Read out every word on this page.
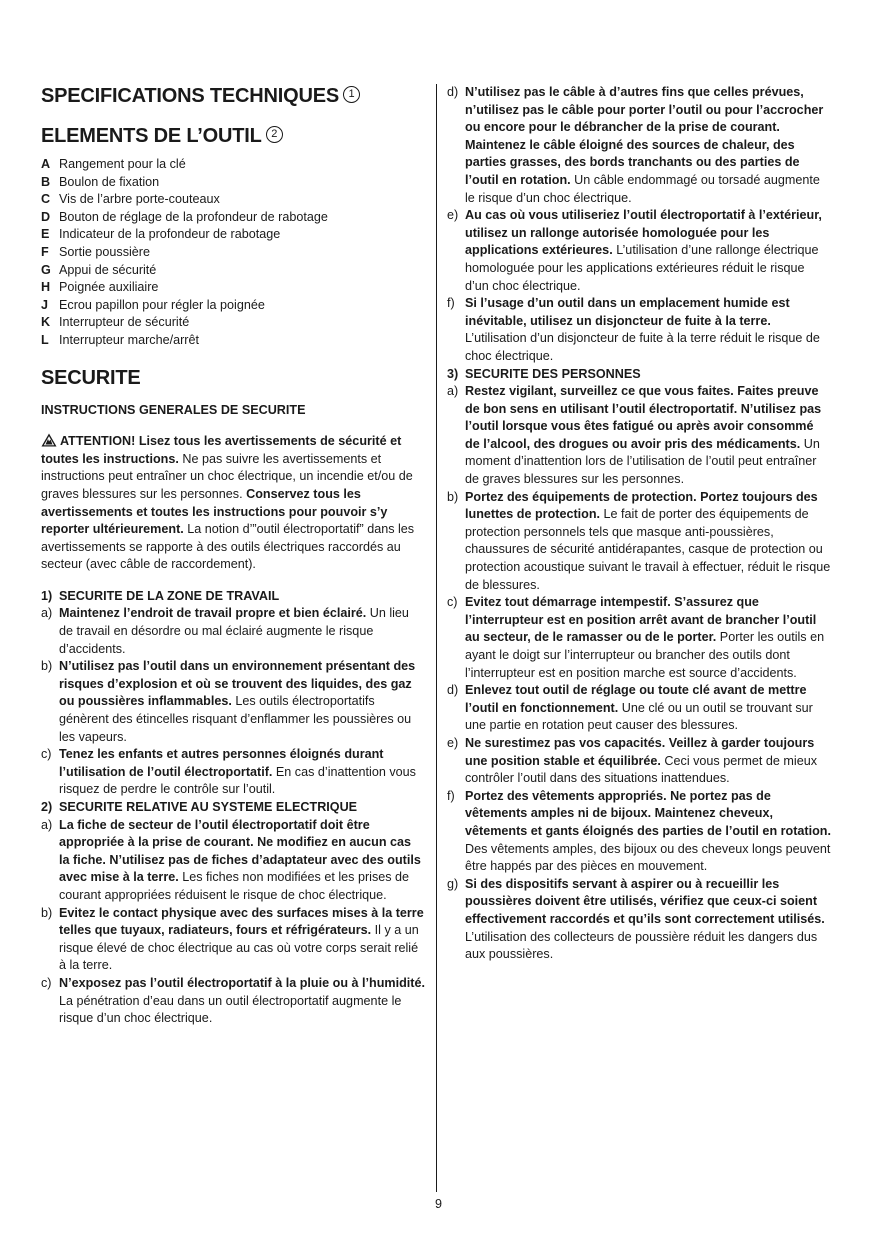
SPECIFICATIONS TECHNIQUES 1
ELEMENTS DE L’OUTIL 2
A Rangement pour la clé
B Boulon de fixation
C Vis de l’arbre porte-couteaux
D Bouton de réglage de la profondeur de rabotage
E Indicateur de la profondeur de rabotage
F Sortie poussière
G Appui de sécurité
H Poignée auxiliaire
J Ecrou papillon pour régler la poignée
K Interrupteur de sécurité
L Interrupteur marche/arrêt
SECURITE

INSTRUCTIONS GENERALES DE SECURITE

ATTENTION! Lisez tous les avertissements de sécurité et toutes les instructions. Ne pas suivre les avertissements et instructions peut entraîner un choc électrique, un incendie et/ou de graves blessures sur les personnes. Conservez tous les avertissements et toutes les instructions pour pouvoir s’y reporter ultérieurement. La notion d’”outil électroportatif” dans les avertissements se rapporte à des outils électriques raccordés au secteur (avec câble de raccordement).

1) SECURITE DE LA ZONE DE TRAVAIL
a) Maintenez l’endroit de travail propre et bien éclairé. Un lieu de travail en désordre ou mal éclairé augmente le risque d’accidents.
b) N’utilisez pas l’outil dans un environnement présentant des risques d’explosion et où se trouvent des liquides, des gaz ou poussières inflammables. Les outils électroportatifs génèrent des étincelles risquant d’enflammer les poussières ou les vapeurs.
c) Tenez les enfants et autres personnes éloignés durant l’utilisation de l’outil électroportatif. En cas d’inattention vous risquez de perdre le contrôle sur l’outil.
2) SECURITE RELATIVE AU SYSTEME ELECTRIQUE
a) La fiche de secteur de l’outil électroportatif doit être appropriée à la prise de courant. Ne modifiez en aucun cas la fiche. N’utilisez pas de fiches d’adaptateur avec des outils avec mise à la terre. Les fiches non modifiées et les prises de courant appropriées réduisent le risque de choc électrique.
b) Evitez le contact physique avec des surfaces mises à la terre telles que tuyaux, radiateurs, fours et réfrigérateurs. Il y a un risque élevé de choc électrique au cas où votre corps serait relié à la terre.
c) N’exposez pas l’outil électroportatif à la pluie ou à l’humidité. La pénétration d’eau dans un outil électroportatif augmente le risque d’un choc électrique.
d) N’utilisez pas le câble à d’autres fins que celles prévues, n’utilisez pas le câble pour porter l’outil ou pour l’accrocher ou encore pour le débrancher de la prise de courant. Maintenez le câble éloigné des sources de chaleur, des parties grasses, des bords tranchants ou des parties de l’outil en rotation. Un câble endommagé ou torsadé augmente le risque d’un choc électrique.
e) Au cas où vous utiliseriez l’outil électroportatif à l’extérieur, utilisez un rallonge autorisée homologuée pour les applications extérieures. L’utilisation d’une rallonge électrique homologuée pour les applications extérieures réduit le risque d’un choc électrique.
f) Si l’usage d’un outil dans un emplacement humide est inévitable, utilisez un disjoncteur de fuite à la terre. L’utilisation d’un disjoncteur de fuite à la terre réduit le risque de choc électrique.
3) SECURITE DES PERSONNES
a) Restez vigilant, surveillez ce que vous faites. Faites preuve de bon sens en utilisant l’outil électroportatif. N’utilisez pas l’outil lorsque vous êtes fatigué ou après avoir consommé de l’alcool, des drogues ou avoir pris des médicaments. Un moment d’inattention lors de l’utilisation de l’outil peut entraîner de graves blessures sur les personnes.
b) Portez des équipements de protection. Portez toujours des lunettes de protection. Le fait de porter des équipements de protection personnels tels que masque anti-poussières, chaussures de sécurité antidérapantes, casque de protection ou protection acoustique suivant le travail à effectuer, réduit le risque de blessures.
c) Evitez tout démarrage intempestif. S’assurez que l’interrupteur est en position arrêt avant de brancher l’outil au secteur, de le ramasser ou de le porter. Porter les outils en ayant le doigt sur l’interrupteur ou brancher des outils dont l’interrupteur est en position marche est source d’accidents.
d) Enlevez tout outil de réglage ou toute clé avant de mettre l’outil en fonctionnement. Une clé ou un outil se trouvant sur une partie en rotation peut causer des blessures.
e) Ne surestimez pas vos capacités. Veillez à garder toujours une position stable et équilibrée. Ceci vous permet de mieux contrôler l’outil dans des situations inattendues.
f) Portez des vêtements appropriés. Ne portez pas de vêtements amples ni de bijoux. Maintenez cheveux, vêtements et gants éloignés des parties de l’outil en rotation. Des vêtements amples, des bijoux ou des cheveux longs peuvent être happés par des pièces en mouvement.
g) Si des dispositifs servant à aspirer ou à recueillir les poussières doivent être utilisés, vérifiez que ceux-ci soient effectivement raccordés et qu’ils sont correctement utilisés. L’utilisation des collecteurs de poussière réduit les dangers dus aux poussières.
9
